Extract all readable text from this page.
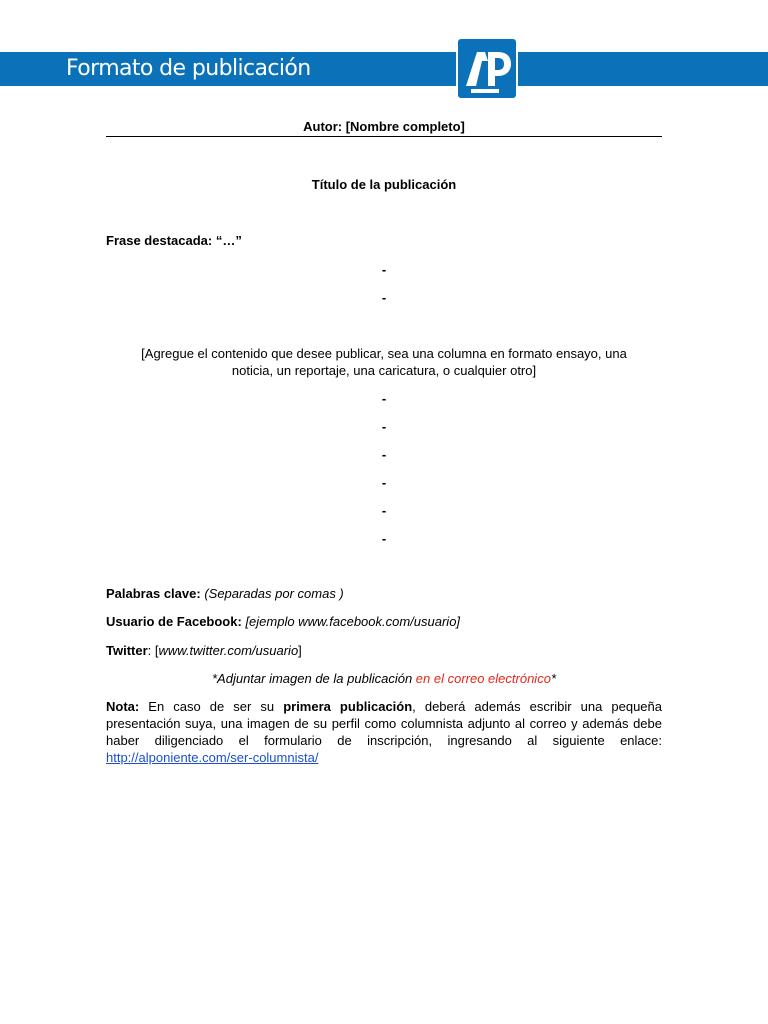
Formato de publicación
Autor: [Nombre completo]
Título de la publicación
Frase destacada: “…”
-
-
[Agregue el contenido que desee publicar, sea una columna en formato ensayo, una
noticia, un reportaje, una caricatura, o cualquier otro]
-
-
-
-
-
-
Palabras clave: (Separadas por comas )
Usuario de Facebook: [ejemplo www.facebook.com/usuario]
Twitter: [www.twitter.com/usuario]
*Adjuntar imagen de la publicación en el correo electrónico*
Nota: En caso de ser su primera publicación, deberá además escribir una pequeña presentación suya, una imagen de su perfil como columnista adjunto al correo y además debe haber diligenciado el formulario de inscripción, ingresando al siguiente enlace: http://alponiente.com/ser-columnista/
